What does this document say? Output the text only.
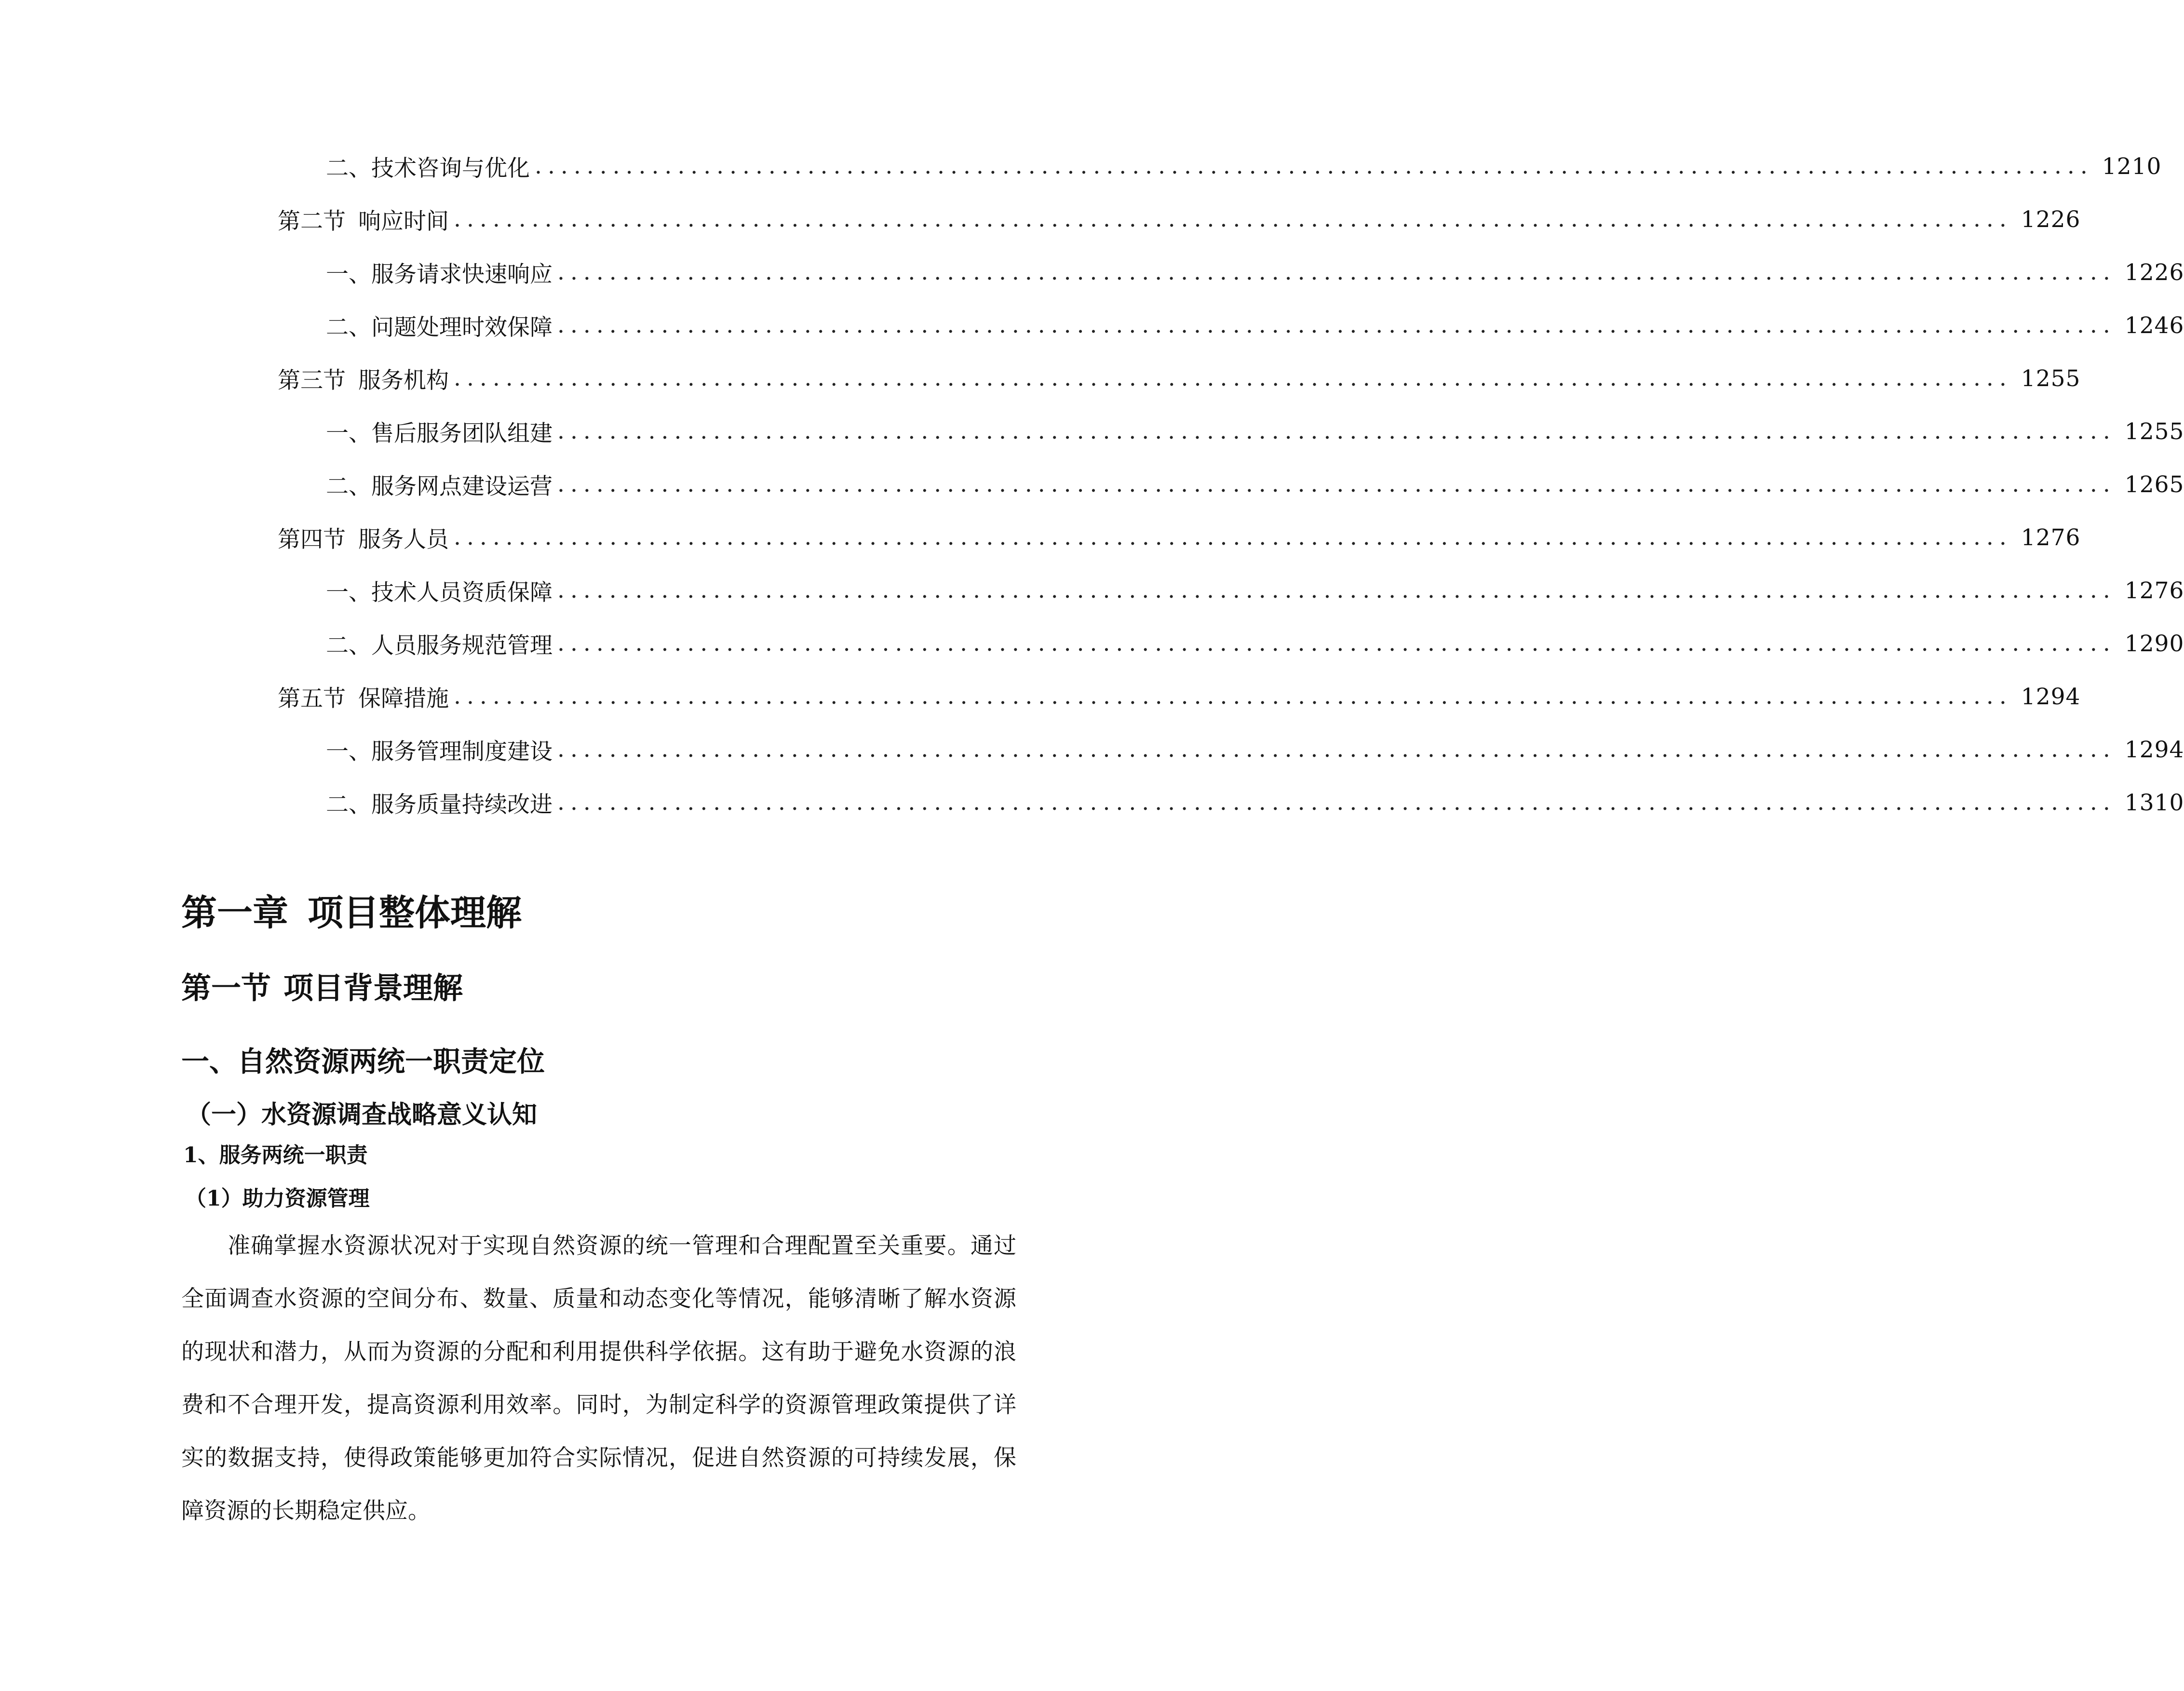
二、 技术咨询与优化 ........................................................................................................................ 1210
第二节 响应时间 ........................................................................................................................ 1226
一、 服务请求快速响应 ........................................................................................................................ 1226
二、 问题处理时效保障 ........................................................................................................................ 1246
第三节 服务机构 ........................................................................................................................ 1255
一、 售后服务团队组建 ........................................................................................................................ 1255
二、 服务网点建设运营 ........................................................................................................................ 1265
第四节 服务人员 ........................................................................................................................ 1276
一、 技术人员资质保障 ........................................................................................................................ 1276
二、 人员服务规范管理 ........................................................................................................................ 1290
第五节 保障措施 ........................................................................................................................ 1294
一、 服务管理制度建设 ........................................................................................................................ 1294
二、 服务质量持续改进 ........................................................................................................................ 1310
第一章 项目整体理解
第一节 项目背景理解
一、自然资源两统一职责定位
（一）水资源调查战略意义认知
1、服务两统一职责
（1）助力资源管理

准确掌握水资源状况对于实现自然资源的统一管理和合理配置至关重要。通过全面调查水资源的空间分布、数量、质量和动态变化等情况，能够清晰了解水资源的现状和潜力，从而为资源的分配和利用提供科学依据。这有助于避免水资源的浪费和不合理开发，提高资源利用效率。同时，为制定科学的资源管理政策提供了详实的数据支持，使得政策能够更加符合实际情况，促进自然资源的可持续发展，保障资源的长期稳定供应。
